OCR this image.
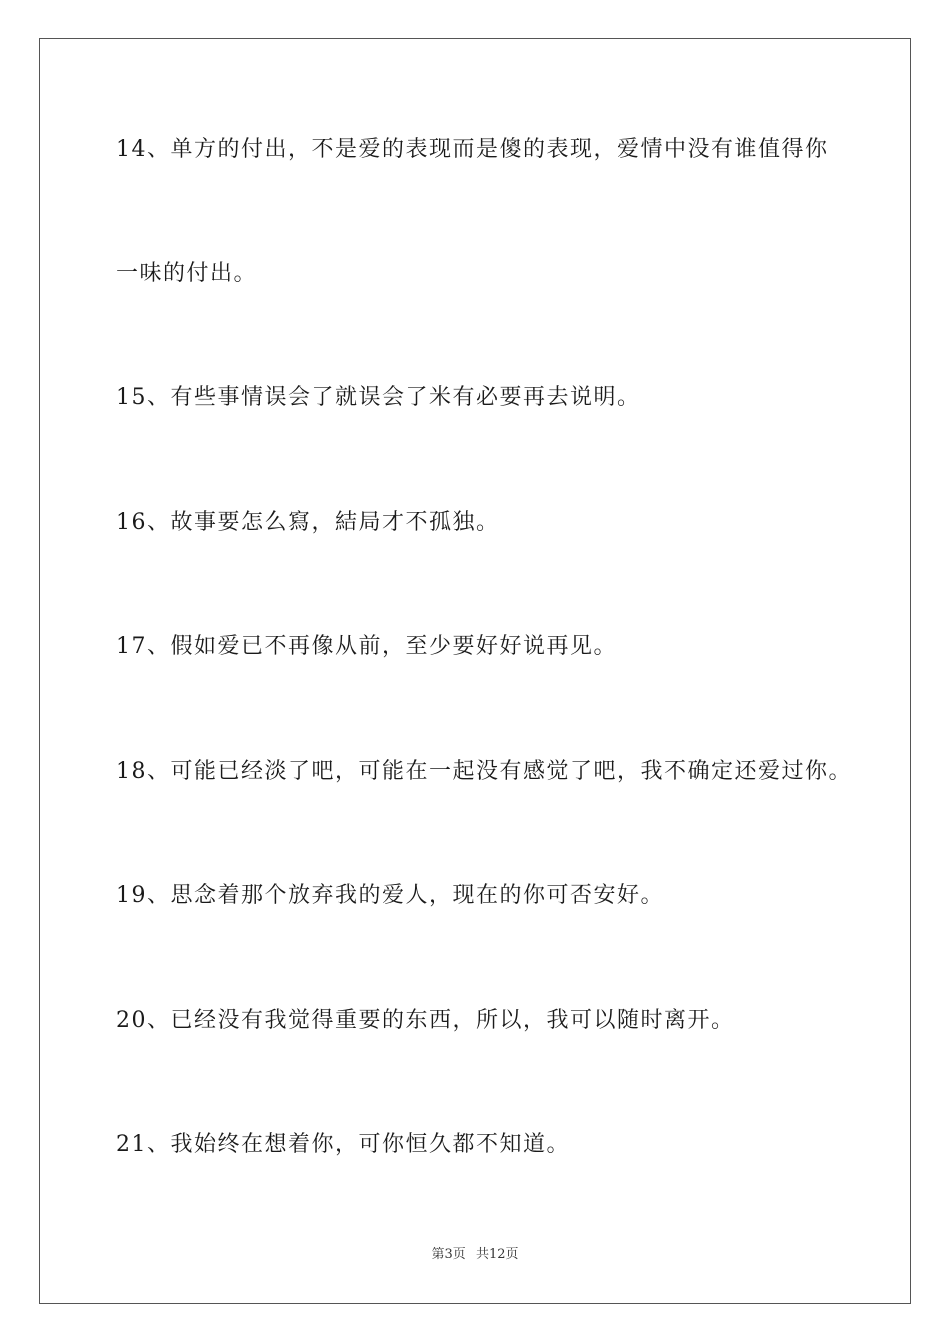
14、单方的付出，不是爱的表现而是傻的表现，爱情中没有谁值得你
一味的付出。
15、有些事情误会了就误会了米有必要再去说明。
16、故事要怎么寫，結局才不孤独。
17、假如爱已不再像从前，至少要好好说再见。
18、可能已经淡了吧，可能在一起没有感觉了吧，我不确定还爱过你。
19、思念着那个放弃我的爱人，现在的你可否安好。
20、已经没有我觉得重要的东西，所以，我可以随时离开。
21、我始终在想着你，可你恒久都不知道。
第3页 共12页
